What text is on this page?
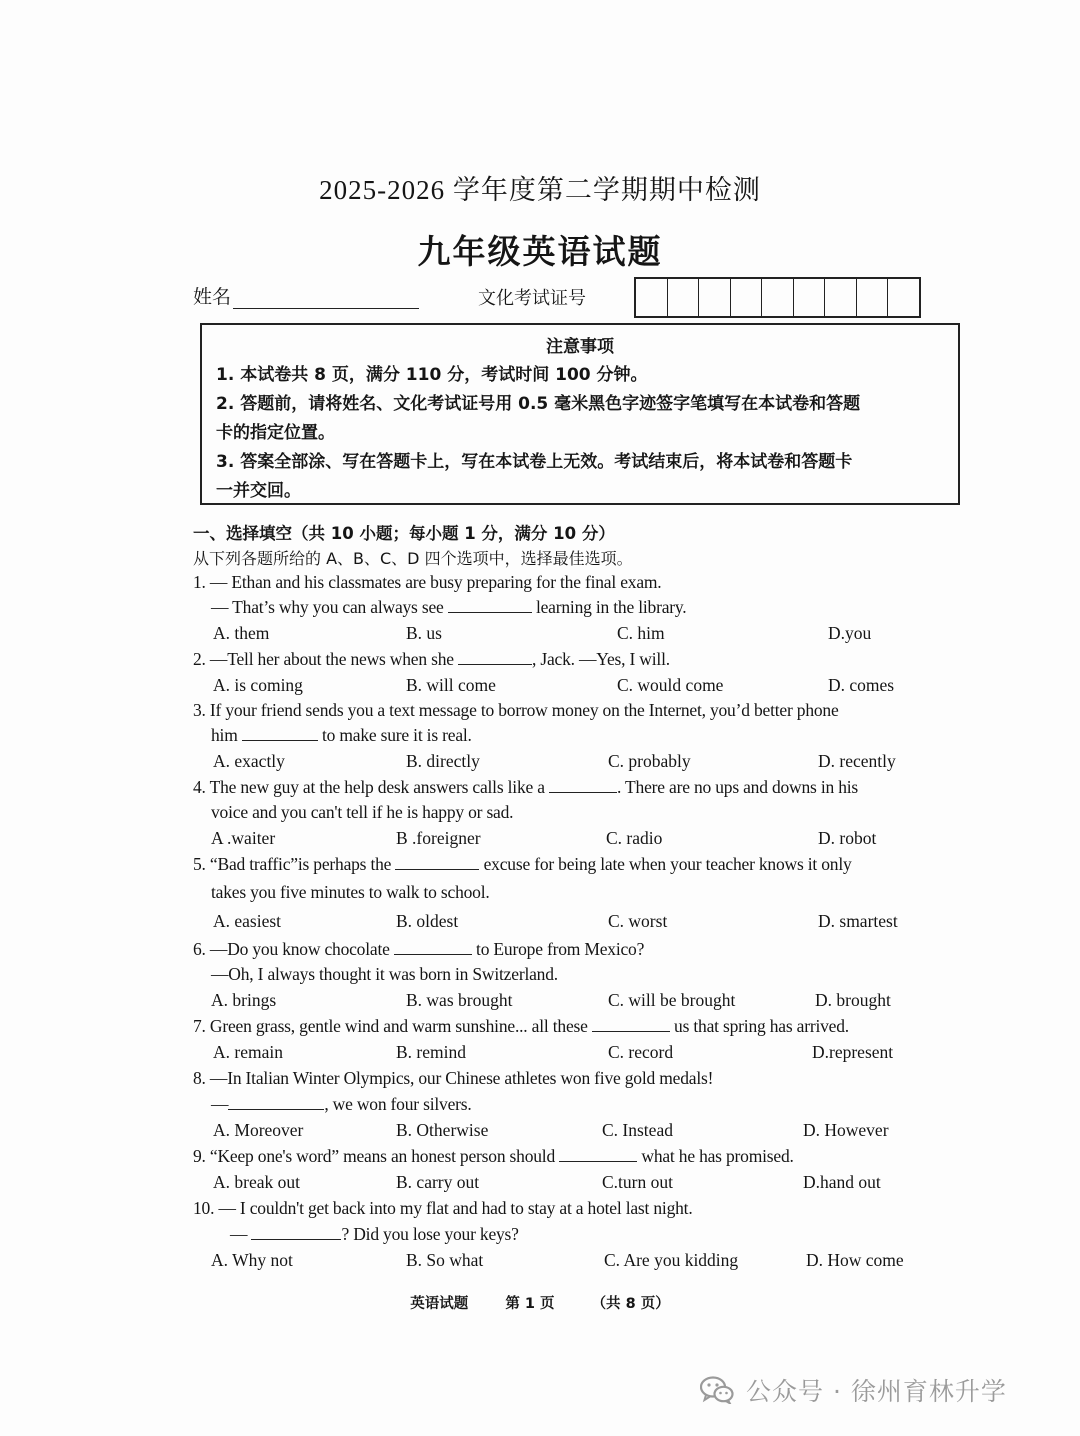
2025-2026 学年度第二学期期中检测
九年级英语试题
姓名	文化考试证号
注意事项

1. 本试卷共 8 页，满分 110 分，考试时间 100 分钟。

2. 答题前，请将姓名、文化考试证号用 0.5 毫米黑色字迹签字笔填写在本试卷和答题

卡的指定位置。

3. 答案全部涂、写在答题卡上，写在本试卷上无效。考试结束后，将本试卷和答题卡

一并交回。

一、选择填空（共 10 小题；每小题 1 分，满分 10 分）
从下列各题所给的 A、B、C、D 四个选项中，选择最佳选项。
1. — Ethan and his classmates are busy preparing for the final exam.
— That’s why you can always see	learning in the library.
A. them	B. us	C. him	D.you
2. —Tell her about the news when she	, Jack. —Yes, I will.
A. is coming	B. will come	C. would come	D. comes
3. If your friend sends you a text message to borrow money on the Internet, you’d better phone
him	to make sure it is real.
A. exactly	B. directly	C. probably	D. recently
4. The new guy at the help desk answers calls like a	. There are no ups and downs in his
voice and you can't tell if he is happy or sad.
A .waiter	B .foreigner	C. radio	D. robot
5. “Bad traffic”is perhaps the	excuse for being late when your teacher knows it only
takes you five minutes to walk to school.
A. easiest	B. oldest	C. worst	D. smartest
6. —Do you know chocolate	to Europe from Mexico?
—Oh, I always thought it was born in Switzerland.
A. brings	B. was brought	C. will be brought	D. brought
7. Green grass, gentle wind and warm sunshine... all these	us that spring has arrived.
A. remain	B. remind	C. record	D.represent
8. —In Italian Winter Olympics, our Chinese athletes won five gold medals!
—	, we won four silvers.
A. Moreover	B. Otherwise	C. Instead	D. However
9. “Keep one's word” means an honest person should	what he has promised.
A. break out	B. carry out	C.turn out	D.hand out
10. — I couldn't get back into my flat and had to stay at a hotel last night.
—	? Did you lose your keys?
A. Why not	B. So what	C. Are you kidding	D. How come
英语试题	第 1 页	（共 8 页）
公众号 · 徐州育林升学
